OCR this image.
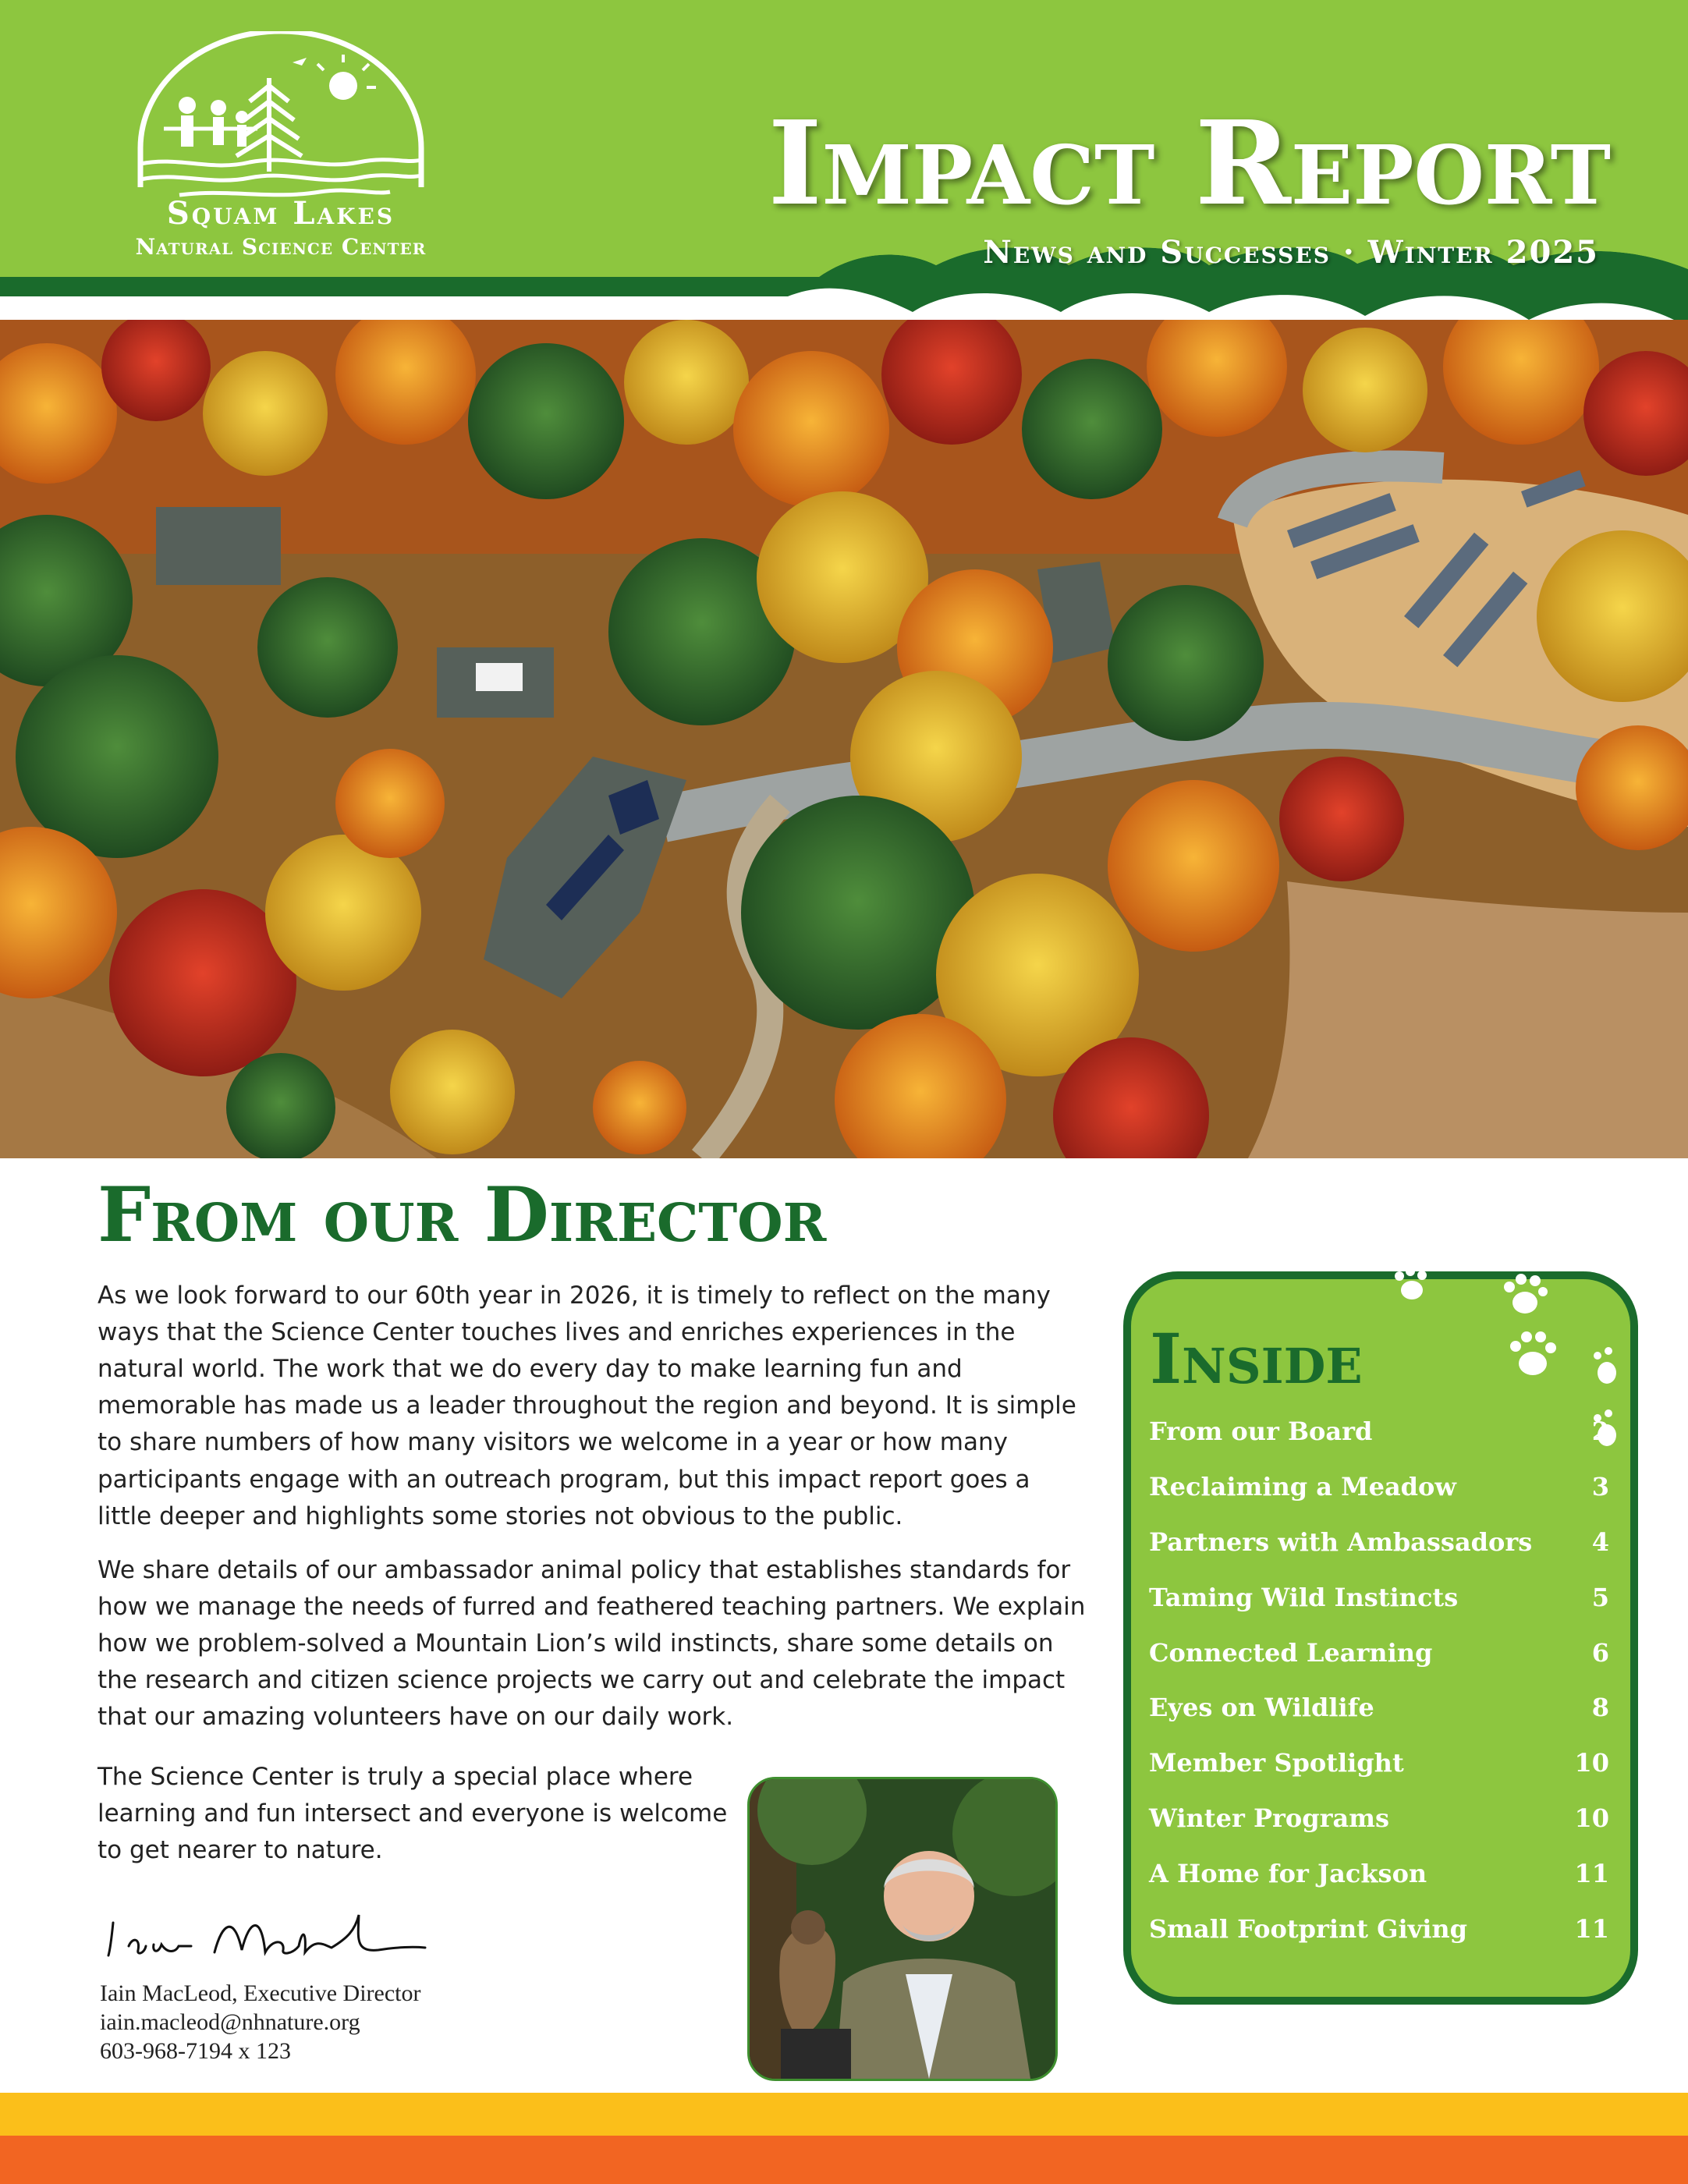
Squam Lakes
Natural Science Center
Impact Report
News and Successes · Winter 2025
From our Director
As we look forward to our 60th year in 2026, it is timely to reflect on the many ways that the Science Center touches lives and enriches experiences in the natural world. The work that we do every day to make learning fun and memorable has made us a leader throughout the region and beyond. It is simple to share numbers of how many visitors we welcome in a year or how many participants engage with an outreach program, but this impact report goes a little deeper and highlights some stories not obvious to the public.
We share details of our ambassador animal policy that establishes standards for how we manage the needs of furred and feathered teaching partners. We explain how we problem-solved a Mountain Lion’s wild instincts, share some details on the research and citizen science projects we carry out and celebrate the impact that our amazing volunteers have on our daily work.
The Science Center is truly a special place where learning and fun intersect and everyone is welcome to get nearer to nature.
Iain MacLeod, Executive Director
iain.macleod@nhnature.org
603-968-7194 x 123
Inside
From our Board	2
Reclaiming a Meadow	3
Partners with Ambassadors 4
Taming Wild Instincts	5
Connected Learning	6
Eyes on Wildlife	8
Member Spotlight	10
Winter Programs	10
A Home for Jackson	11
Small Footprint Giving	11
